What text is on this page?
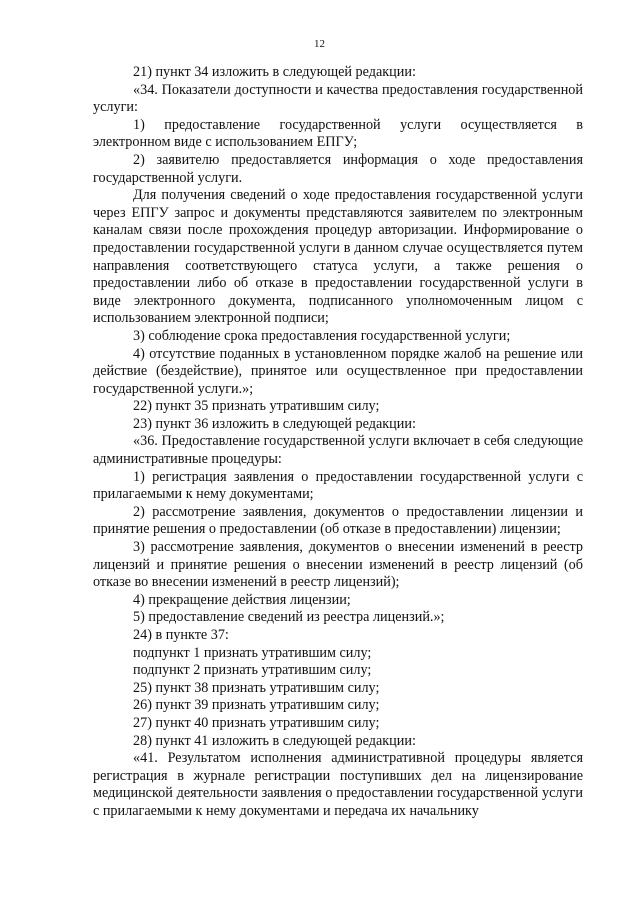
12

21) пункт 34 изложить в следующей редакции:

«34. Показатели доступности и качества предоставления государственной услуги:

1) предоставление государственной услуги осуществляется в электронном виде с использованием ЕПГУ;

2) заявителю предоставляется информация о ходе предоставления государственной услуги.

Для получения сведений о ходе предоставления государственной услуги через ЕПГУ запрос и документы представляются заявителем по электронным каналам связи после прохождения процедур авторизации. Информирование о предоставлении государственной услуги в данном случае осуществляется путем направления соответствующего статуса услуги, а также решения о предоставлении либо об отказе в предоставлении государственной услуги в виде электронного документа, подписанного уполномоченным лицом с использованием электронной подписи;

3) соблюдение срока предоставления государственной услуги;

4) отсутствие поданных в установленном порядке жалоб на решение или действие (бездействие), принятое или осуществленное при предоставлении государственной услуги.»;

22) пункт 35 признать утратившим силу;

23) пункт 36 изложить в следующей редакции:

«36. Предоставление государственной услуги включает в себя следующие административные процедуры:

1) регистрация заявления о предоставлении государственной услуги с прилагаемыми к нему документами;

2) рассмотрение заявления, документов о предоставлении лицензии и принятие решения о предоставлении (об отказе в предоставлении) лицензии;

3) рассмотрение заявления, документов о внесении изменений в реестр лицензий и принятие решения о внесении изменений в реестр лицензий (об отказе во внесении изменений в реестр лицензий);

4) прекращение действия лицензии;

5) предоставление сведений из реестра лицензий.»;

24) в пункте 37:

подпункт 1 признать утратившим силу;

подпункт 2 признать утратившим силу;

25) пункт 38 признать утратившим силу;

26) пункт 39 признать утратившим силу;

27) пункт 40 признать утратившим силу;

28) пункт 41 изложить в следующей редакции:

«41. Результатом исполнения административной процедуры является регистрация в журнале регистрации поступивших дел на лицензирование медицинской деятельности заявления о предоставлении государственной услуги с прилагаемыми к нему документами и передача их начальнику
